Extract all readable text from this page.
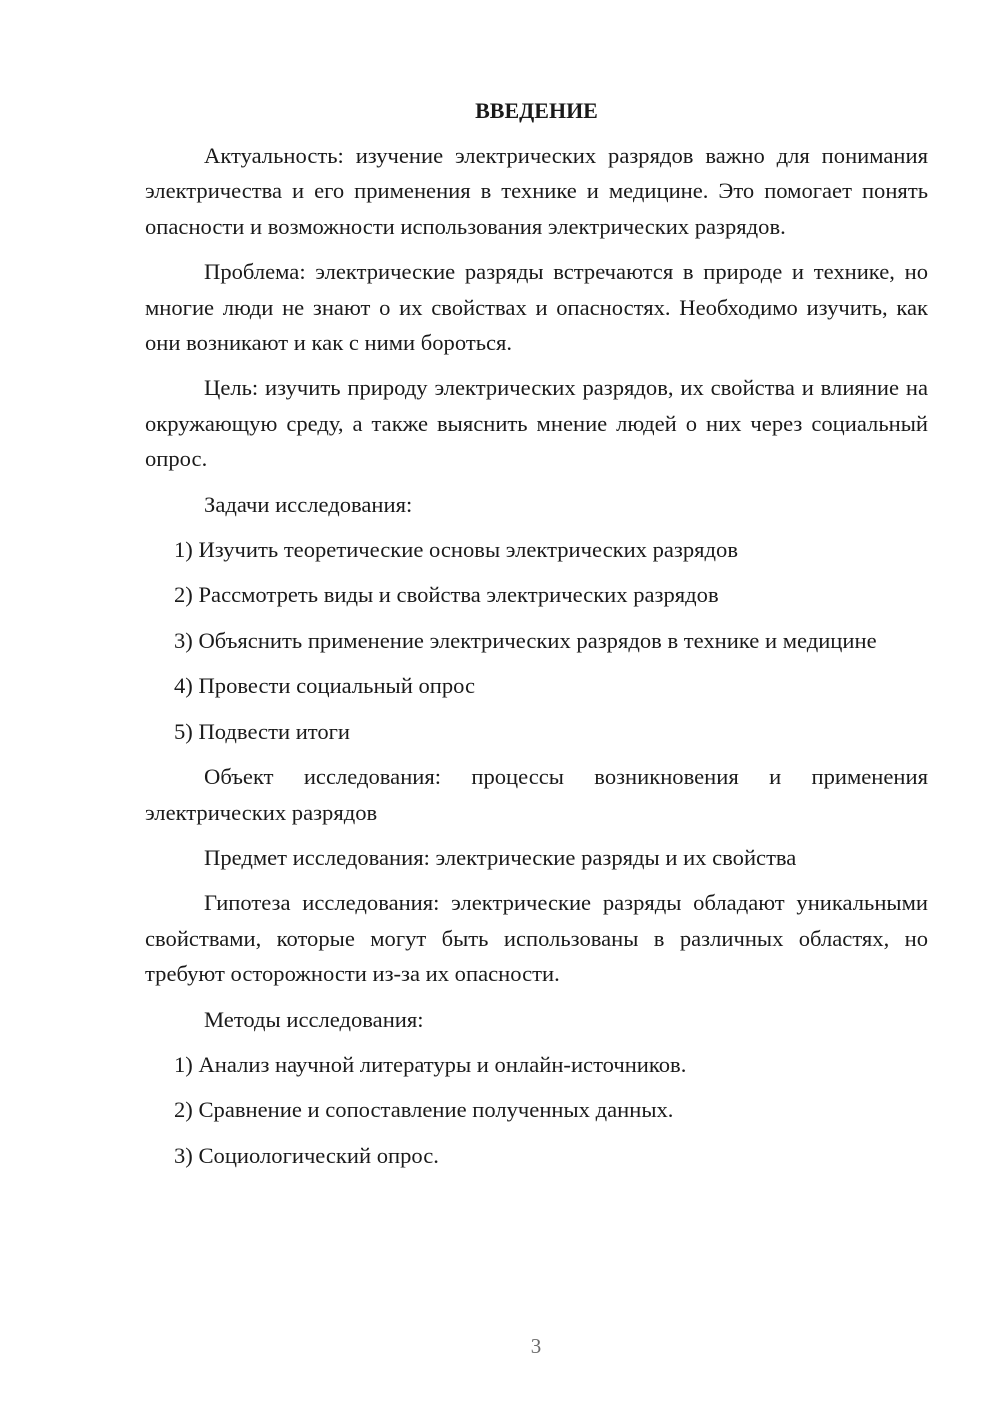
ВВЕДЕНИЕ

Актуальность: изучение электрических разрядов важно для понимания электричества и его применения в технике и медицине. Это помогает понять опасности и возможности использования электрических разрядов.

Проблема: электрические разряды встречаются в природе и технике, но многие люди не знают о их свойствах и опасностях. Необходимо изучить, как они возникают и как с ними бороться.

Цель: изучить природу электрических разрядов, их свойства и влияние на окружающую среду, а также выяснить мнение людей о них через социальный опрос.

Задачи исследования:

1) Изучить теоретические основы электрических разрядов

2) Рассмотреть виды и свойства электрических разрядов

3) Объяснить применение электрических разрядов в технике и медицине

4) Провести социальный опрос

5) Подвести итоги

Объект исследования: процессы возникновения и применения электрических разрядов

Предмет исследования: электрические разряды и их свойства

Гипотеза исследования: электрические разряды обладают уникальными свойствами, которые могут быть использованы в различных областях, но требуют осторожности из-за их опасности.

Методы исследования:

1) Анализ научной литературы и онлайн-источников.

2) Сравнение и сопоставление полученных данных.

3) Социологический опрос.

3
